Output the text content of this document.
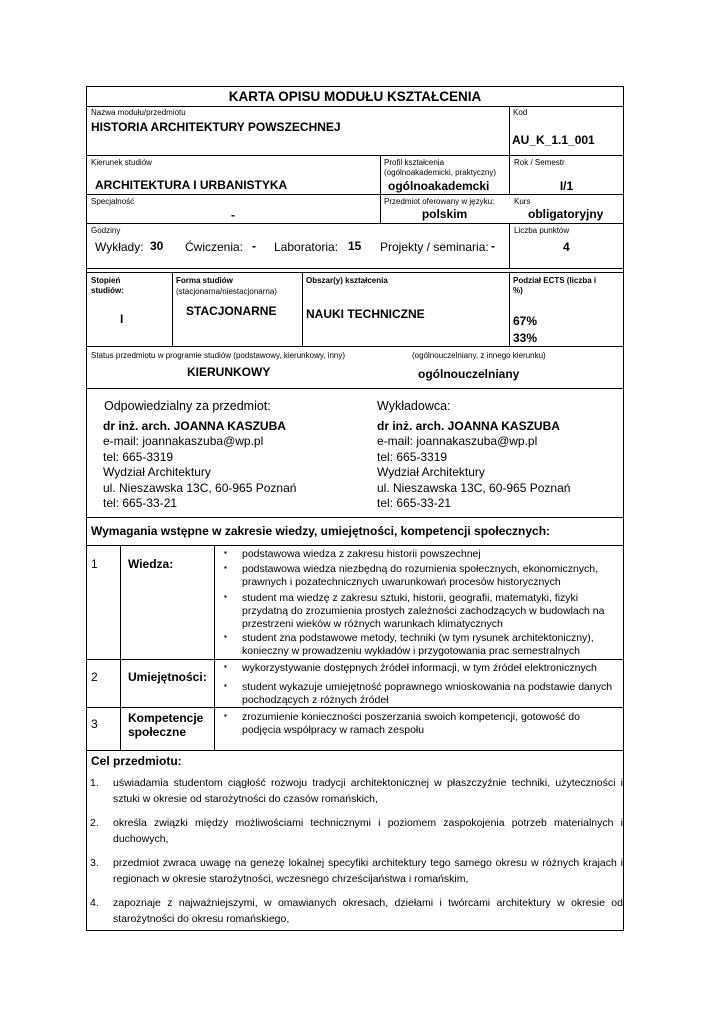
KARTA OPISU MODUŁU KSZTAŁCENIA
Nazwa modułu/przedmiotu
HISTORIA ARCHITEKTURY POWSZECHNEJ
Kod
AU_K_1.1_001
Kierunek studiów
ARCHITEKTURA I URBANISTYKA
Profil kształcenia
(ogólnoakademicki, praktyczny)
ogólnoakademcki
Rok / Semestr
I/1
Specjalność
-
Przedmiot oferowany w języku:
polskim
Kurs
obligatoryjny
Godziny
Wykłady: 30 Ćwiczenia: - Laboratoria: 15 Projekty / seminaria: -
Liczba punktów
4
Stopień
studiów:
I
Forma studiów
(stacjonarna/niestacjonarna)
STACJONARNE
Obszar(y) kształcenia
NAUKI TECHNICZNE
Podział ECTS (liczba i
%)
67%
33%
Status przedmiotu w programie studiów (podstawowy, kierunkowy, inny)	(ogólnouczelniany, z innego kierunku)
KIERUNKOWY	ogólnouczelniany
Odpowiedzialny za przedmiot:
dr inż. arch. JOANNA KASZUBA
e-mail: joannakaszuba@wp.pl
tel: 665-3319
Wydział Architektury
ul. Nieszawska 13C, 60-965 Poznań
tel: 665-33-21
Wykładowca:
dr inż. arch. JOANNA KASZUBA
e-mail: joannakaszuba@wp.pl
tel: 665-3319
Wydział Architektury
ul. Nieszawska 13C, 60-965 Poznań
tel: 665-33-21
Wymagania wstępne w zakresie wiedzy, umiejętności, kompetencji społecznych:
1	Wiedza:
▪ podstawowa wiedza z zakresu historii powszechnej
▪ podstawowa wiedza niezbędną do rozumienia społecznych, ekonomicznych, prawnych i pozatechnicznych uwarunkowań procesów historycznych
▪ student ma wiedzę z zakresu sztuki, historii, geografii, matematyki, fizyki przydatną do zrozumienia prostych zależności zachodzących w budowlach na przestrzeni wieków w różnych warunkach klimatycznych
▪ student zna podstawowe metody, techniki (w tym rysunek architektoniczny), konieczny w prowadzeniu wykładów i przygotowania prac semestralnych
2	Umiejętności:
▪ wykorzystywanie dostępnych źródeł informacji, w tym źródeł elektronicznych
▪ student wykazuje umiejętność poprawnego wnioskowania na podstawie danych pochodzących z różnych źródeł
3	Kompetencje
społeczne
▪ zrozumienie konieczności poszerzania swoich kompetencji, gotowość do podjęcia współpracy w ramach zespołu
Cel przedmiotu:
1. uświadamia studentom ciągłość rozwoju tradycji architektonicznej w płaszczyźnie techniki, użyteczności i sztuki w okresie od starożytności do czasów romańskich,
2. określa związki między możliwościami technicznymi i poziomem zaspokojenia potrzeb materialnych i duchowych,
3. przedmiot zwraca uwagę na genezę lokalnej specyfiki architektury tego samego okresu w różnych krajach i regionach w okresie starożytności, wczesnego chrześcijaństwa i romańskim,
4. zapoznaje z najważniejszymi, w omawianych okresach, dziełami i twórcami architektury w okresie od starożytności do okresu romańskiego,
